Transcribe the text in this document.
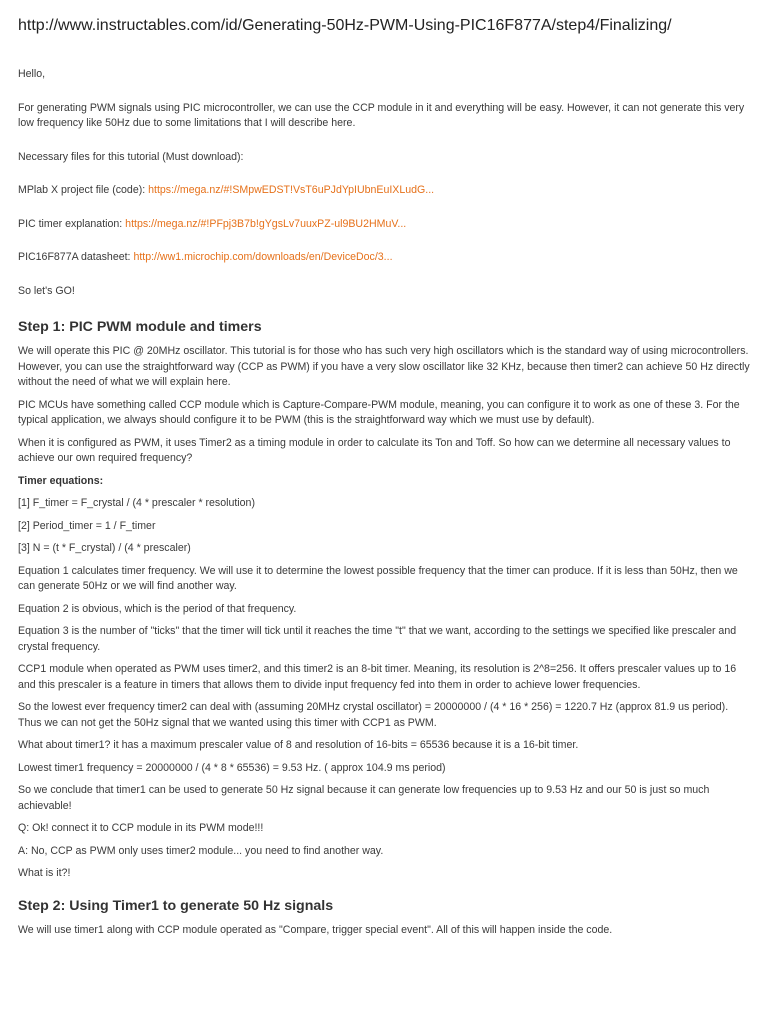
http://www.instructables.com/id/Generating-50Hz-PWM-Using-PIC16F877A/step4/Finalizing/

Hello,

For generating PWM signals using PIC microcontroller, we can use the CCP module in it and everything will be easy. However, it can not generate this very low frequency like 50Hz due to some limitations that I will describe here.

Necessary files for this tutorial (Must download):

MPlab X project file (code): https://mega.nz/#!SMpwEDST!VsT6uPJdYpIUbnEuIXLudG...

PIC timer explanation: https://mega.nz/#!PFpj3B7b!gYgsLv7uuxPZ-ul9BU2HMuV...

PIC16F877A datasheet: http://ww1.microchip.com/downloads/en/DeviceDoc/3...

So let's GO!

Step 1: PIC PWM module and timers

We will operate this PIC @ 20MHz oscillator. This tutorial is for those who has such very high oscillators which is the standard way of using microcontrollers. However, you can use the straightforward way (CCP as PWM) if you have a very slow oscillator like 32 KHz, because then timer2 can achieve 50 Hz directly without the need of what we will explain here.

PIC MCUs have something called CCP module which is Capture-Compare-PWM module, meaning, you can configure it to work as one of these 3. For the typical application, we always should configure it to be PWM (this is the straightforward way which we must use by default).

When it is configured as PWM, it uses Timer2 as a timing module in order to calculate its Ton and Toff. So how can we determine all necessary values to achieve our own required frequency?

Timer equations:

[1] F_timer = F_crystal / (4 * prescaler * resolution)

[2] Period_timer = 1 / F_timer

[3] N = (t * F_crystal) / (4 * prescaler)

Equation 1 calculates timer frequency. We will use it to determine the lowest possible frequency that the timer can produce. If it is less than 50Hz, then we can generate 50Hz or we will find another way.

Equation 2 is obvious, which is the period of that frequency.

Equation 3 is the number of "ticks" that the timer will tick until it reaches the time "t" that we want, according to the settings we specified like prescaler and crystal frequency.

CCP1 module when operated as PWM uses timer2, and this timer2 is an 8-bit timer. Meaning, its resolution is 2^8=256. It offers prescaler values up to 16 and this prescaler is a feature in timers that allows them to divide input frequency fed into them in order to achieve lower frequencies.

So the lowest ever frequency timer2 can deal with (assuming 20MHz crystal oscillator) = 20000000 / (4 * 16 * 256) = 1220.7 Hz (approx 81.9 us period). Thus we can not get the 50Hz signal that we wanted using this timer with CCP1 as PWM.

What about timer1? it has a maximum prescaler value of 8 and resolution of 16-bits = 65536 because it is a 16-bit timer.

Lowest timer1 frequency = 20000000 / (4 * 8 * 65536) = 9.53 Hz. ( approx 104.9 ms period)

So we conclude that timer1 can be used to generate 50 Hz signal because it can generate low frequencies up to 9.53 Hz and our 50 is just so much achievable!

Q: Ok! connect it to CCP module in its PWM mode!!!

A: No, CCP as PWM only uses timer2 module... you need to find another way.

What is it?!

Step 2: Using Timer1 to generate 50 Hz signals

We will use timer1 along with CCP module operated as "Compare, trigger special event". All of this will happen inside the code.
